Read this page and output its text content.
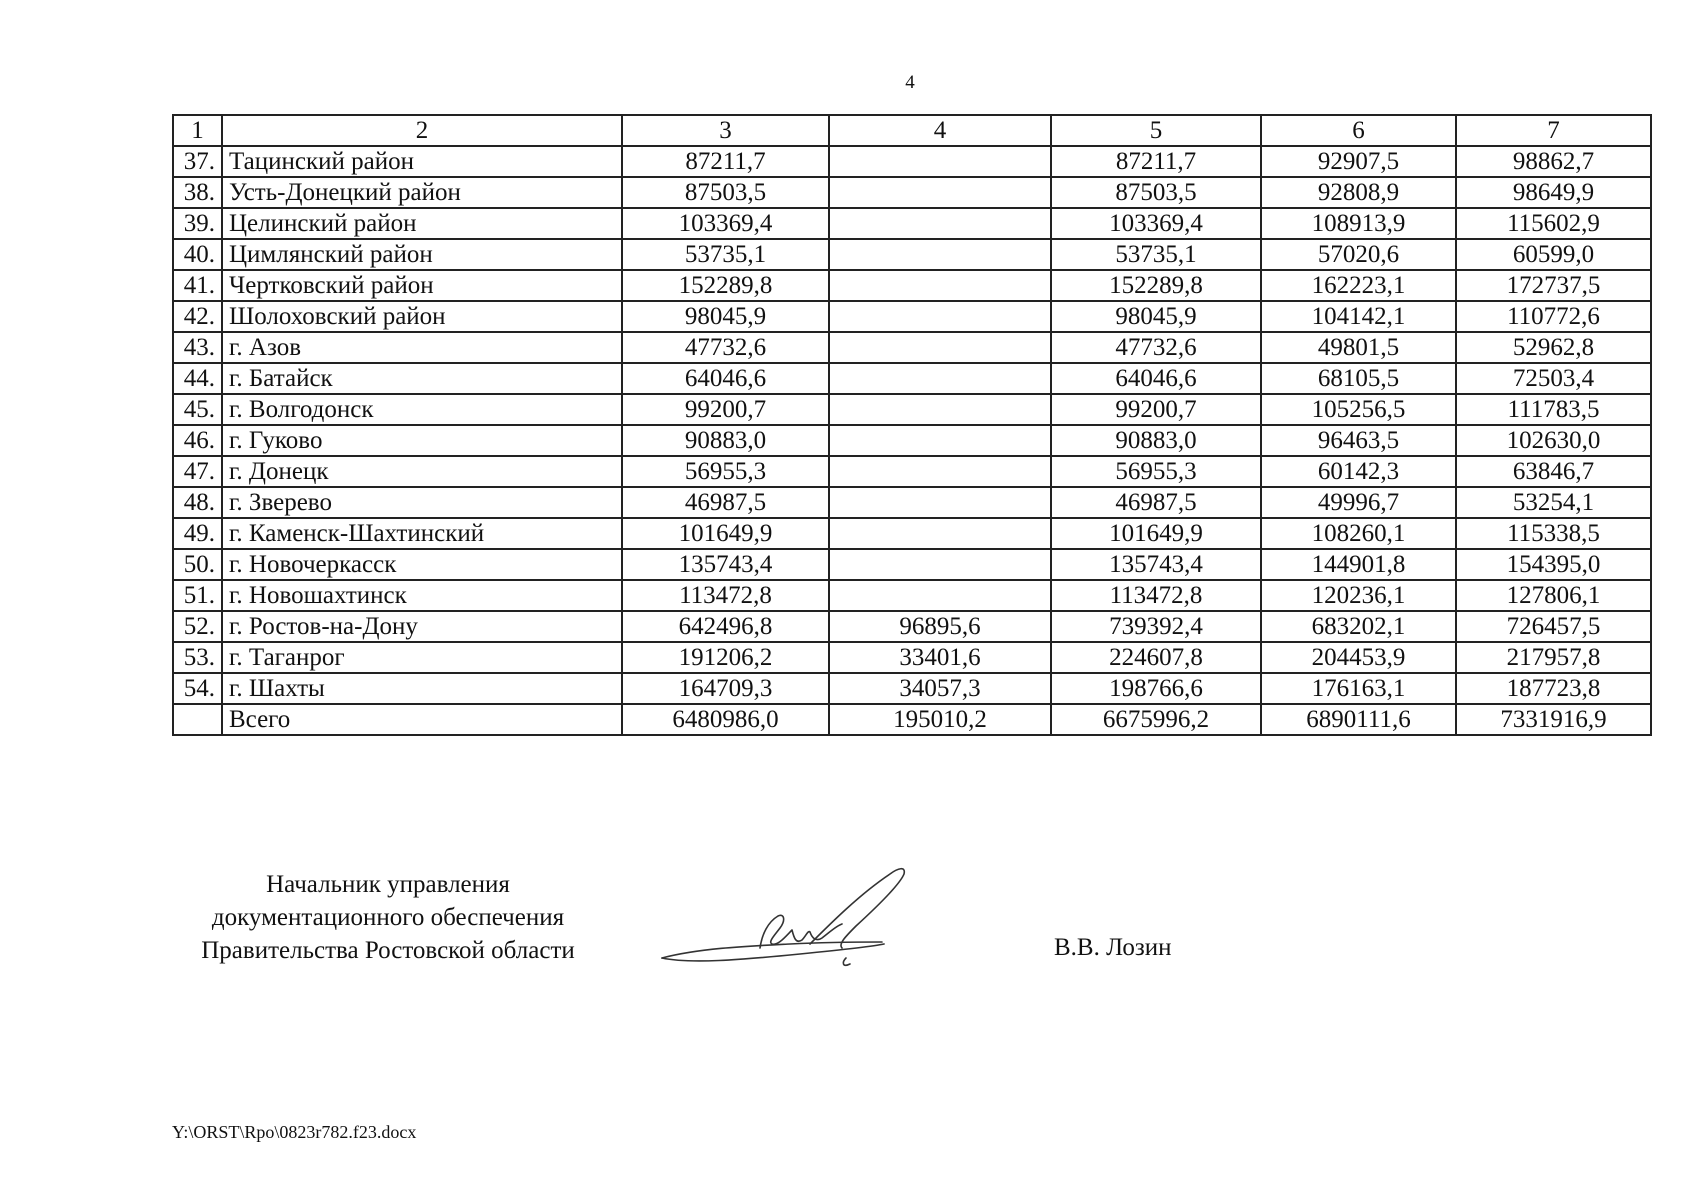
4
1	2	3	4	5	6	7
37.	Тацинский район	87211,7		87211,7	92907,5	98862,7
38.	Усть-Донецкий район	87503,5		87503,5	92808,9	98649,9
39.	Целинский район	103369,4		103369,4	108913,9	115602,9
40.	Цимлянский район	53735,1		53735,1	57020,6	60599,0
41.	Чертковский район	152289,8		152289,8	162223,1	172737,5
42.	Шолоховский район	98045,9		98045,9	104142,1	110772,6
43.	г. Азов	47732,6		47732,6	49801,5	52962,8
44.	г. Батайск	64046,6		64046,6	68105,5	72503,4
45.	г. Волгодонск	99200,7		99200,7	105256,5	111783,5
46.	г. Гуково	90883,0		90883,0	96463,5	102630,0
47.	г. Донецк	56955,3		56955,3	60142,3	63846,7
48.	г. Зверево	46987,5		46987,5	49996,7	53254,1
49.	г. Каменск-Шахтинский	101649,9		101649,9	108260,1	115338,5
50.	г. Новочеркасск	135743,4		135743,4	144901,8	154395,0
51.	г. Новошахтинск	113472,8		113472,8	120236,1	127806,1
52.	г. Ростов-на-Дону	642496,8	96895,6	739392,4	683202,1	726457,5
53.	г. Таганрог	191206,2	33401,6	224607,8	204453,9	217957,8
54.	г. Шахты	164709,3	34057,3	198766,6	176163,1	187723,8
	Всего	6480986,0	195010,2	6675996,2	6890111,6	7331916,9
Начальник управления
документационного обеспечения
Правительства Ростовской области	В.В. Лозин
Y:\ORST\Rpo\0823r782.f23.docx
